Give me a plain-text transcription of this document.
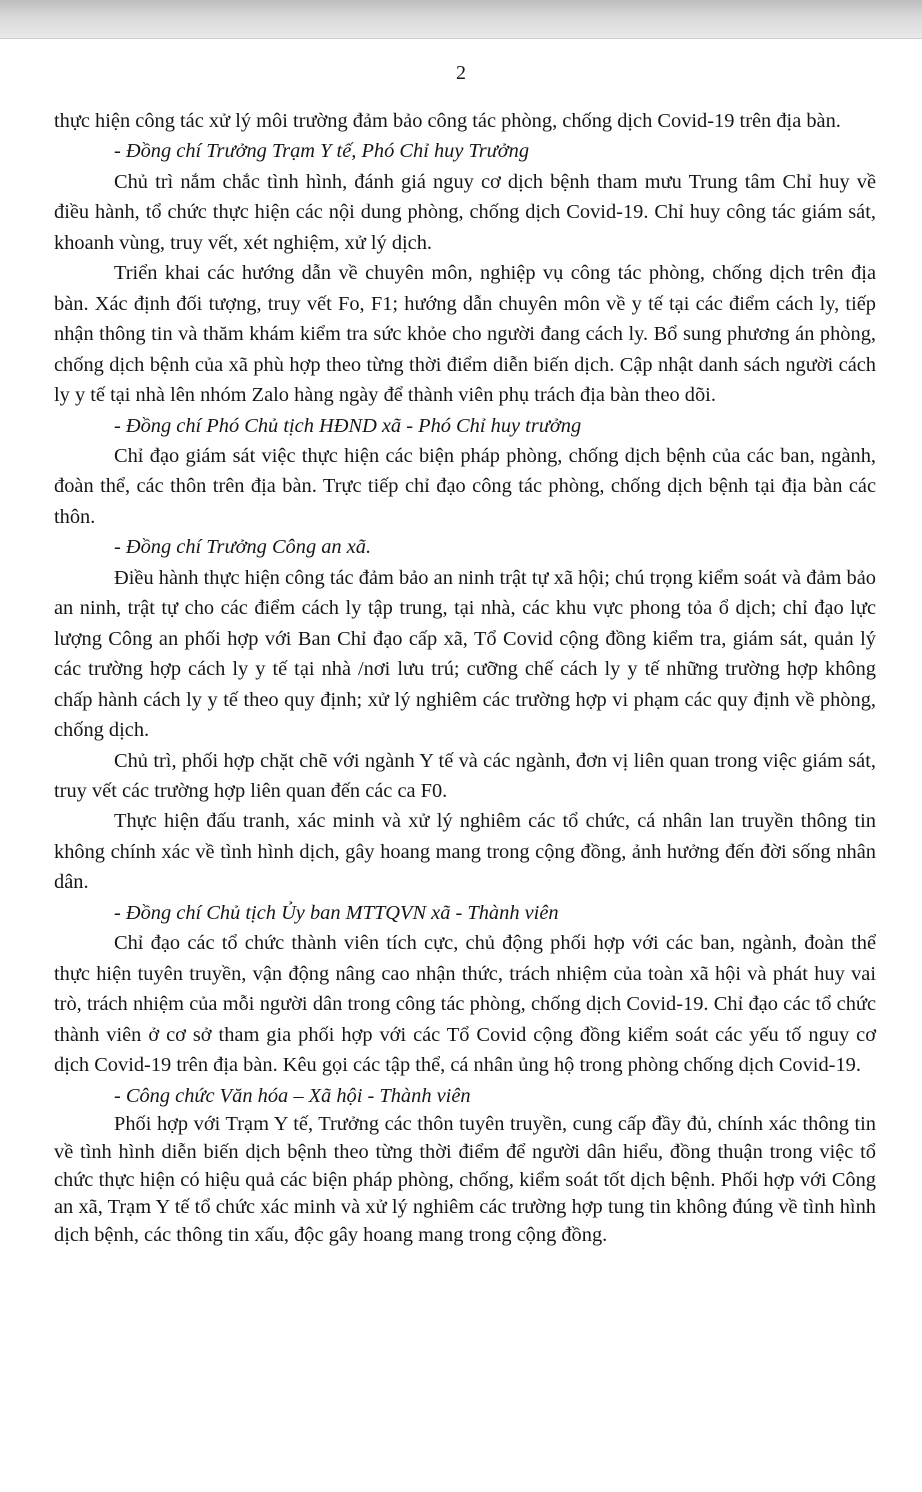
2

thực hiện công tác xử lý môi trường đảm bảo công tác phòng, chống dịch Covid-19 trên địa bàn.

- Đồng chí Trưởng Trạm Y tế, Phó Chỉ huy Trưởng

Chủ trì nắm chắc tình hình, đánh giá nguy cơ dịch bệnh tham mưu Trung tâm Chỉ huy về điều hành, tổ chức thực hiện các nội dung phòng, chống dịch Covid-19. Chỉ huy công tác giám sát, khoanh vùng, truy vết, xét nghiệm, xử lý dịch.

Triển khai các hướng dẫn về chuyên môn, nghiệp vụ công tác phòng, chống dịch trên địa bàn. Xác định đối tượng, truy vết Fo, F1; hướng dẫn chuyên môn về y tế tại các điểm cách ly, tiếp nhận thông tin và thăm khám kiểm tra sức khỏe cho người đang cách ly. Bổ sung phương án phòng, chống dịch bệnh của xã phù hợp theo từng thời điểm diễn biến dịch. Cập nhật danh sách người cách ly y tế tại nhà lên nhóm Zalo hàng ngày để thành viên phụ trách địa bàn theo dõi.

- Đồng chí Phó Chủ tịch HĐND xã - Phó Chỉ huy trưởng

Chỉ đạo giám sát việc thực hiện các biện pháp phòng, chống dịch bệnh của các ban, ngành, đoàn thể, các thôn trên địa bàn. Trực tiếp chỉ đạo công tác phòng, chống dịch bệnh tại địa bàn các thôn.

- Đồng chí Trưởng Công an xã.

Điều hành thực hiện công tác đảm bảo an ninh trật tự xã hội; chú trọng kiểm soát và đảm bảo an ninh, trật tự cho các điểm cách ly tập trung, tại nhà, các khu vực phong tỏa ổ dịch; chỉ đạo lực lượng Công an phối hợp với Ban Chỉ đạo cấp xã, Tổ Covid cộng đồng kiểm tra, giám sát, quản lý các trường hợp cách ly y tế tại nhà /nơi lưu trú; cưỡng chế cách ly y tế những trường hợp không chấp hành cách ly y tế theo quy định; xử lý nghiêm các trường hợp vi phạm các quy định về phòng, chống dịch.

Chủ trì, phối hợp chặt chẽ với ngành Y tế và các ngành, đơn vị liên quan trong việc giám sát, truy vết các trường hợp liên quan đến các ca F0.

Thực hiện đấu tranh, xác minh và xử lý nghiêm các tổ chức, cá nhân lan truyền thông tin không chính xác về tình hình dịch, gây hoang mang trong cộng đồng, ảnh hưởng đến đời sống nhân dân.

- Đồng chí Chủ tịch Ủy ban MTTQVN xã - Thành viên

Chỉ đạo các tổ chức thành viên tích cực, chủ động phối hợp với các ban, ngành, đoàn thể thực hiện tuyên truyền, vận động nâng cao nhận thức, trách nhiệm của toàn xã hội và phát huy vai trò, trách nhiệm của mỗi người dân trong công tác phòng, chống dịch Covid-19. Chỉ đạo các tổ chức thành viên ở cơ sở tham gia phối hợp với các Tổ Covid cộng đồng kiểm soát các yếu tố nguy cơ dịch Covid-19 trên địa bàn. Kêu gọi các tập thể, cá nhân ủng hộ trong phòng chống dịch Covid-19.

- Công chức Văn hóa – Xã hội - Thành viên

Phối hợp với Trạm Y tế, Trưởng các thôn tuyên truyền, cung cấp đầy đủ, chính xác thông tin về tình hình diễn biến dịch bệnh theo từng thời điểm để người dân hiểu, đồng thuận trong việc tổ chức thực hiện có hiệu quả các biện pháp phòng, chống, kiểm soát tốt dịch bệnh. Phối hợp với Công an xã, Trạm Y tế tổ chức xác minh và xử lý nghiêm các trường hợp tung tin không đúng về tình hình dịch bệnh, các thông tin xấu, độc gây hoang mang trong cộng đồng.
